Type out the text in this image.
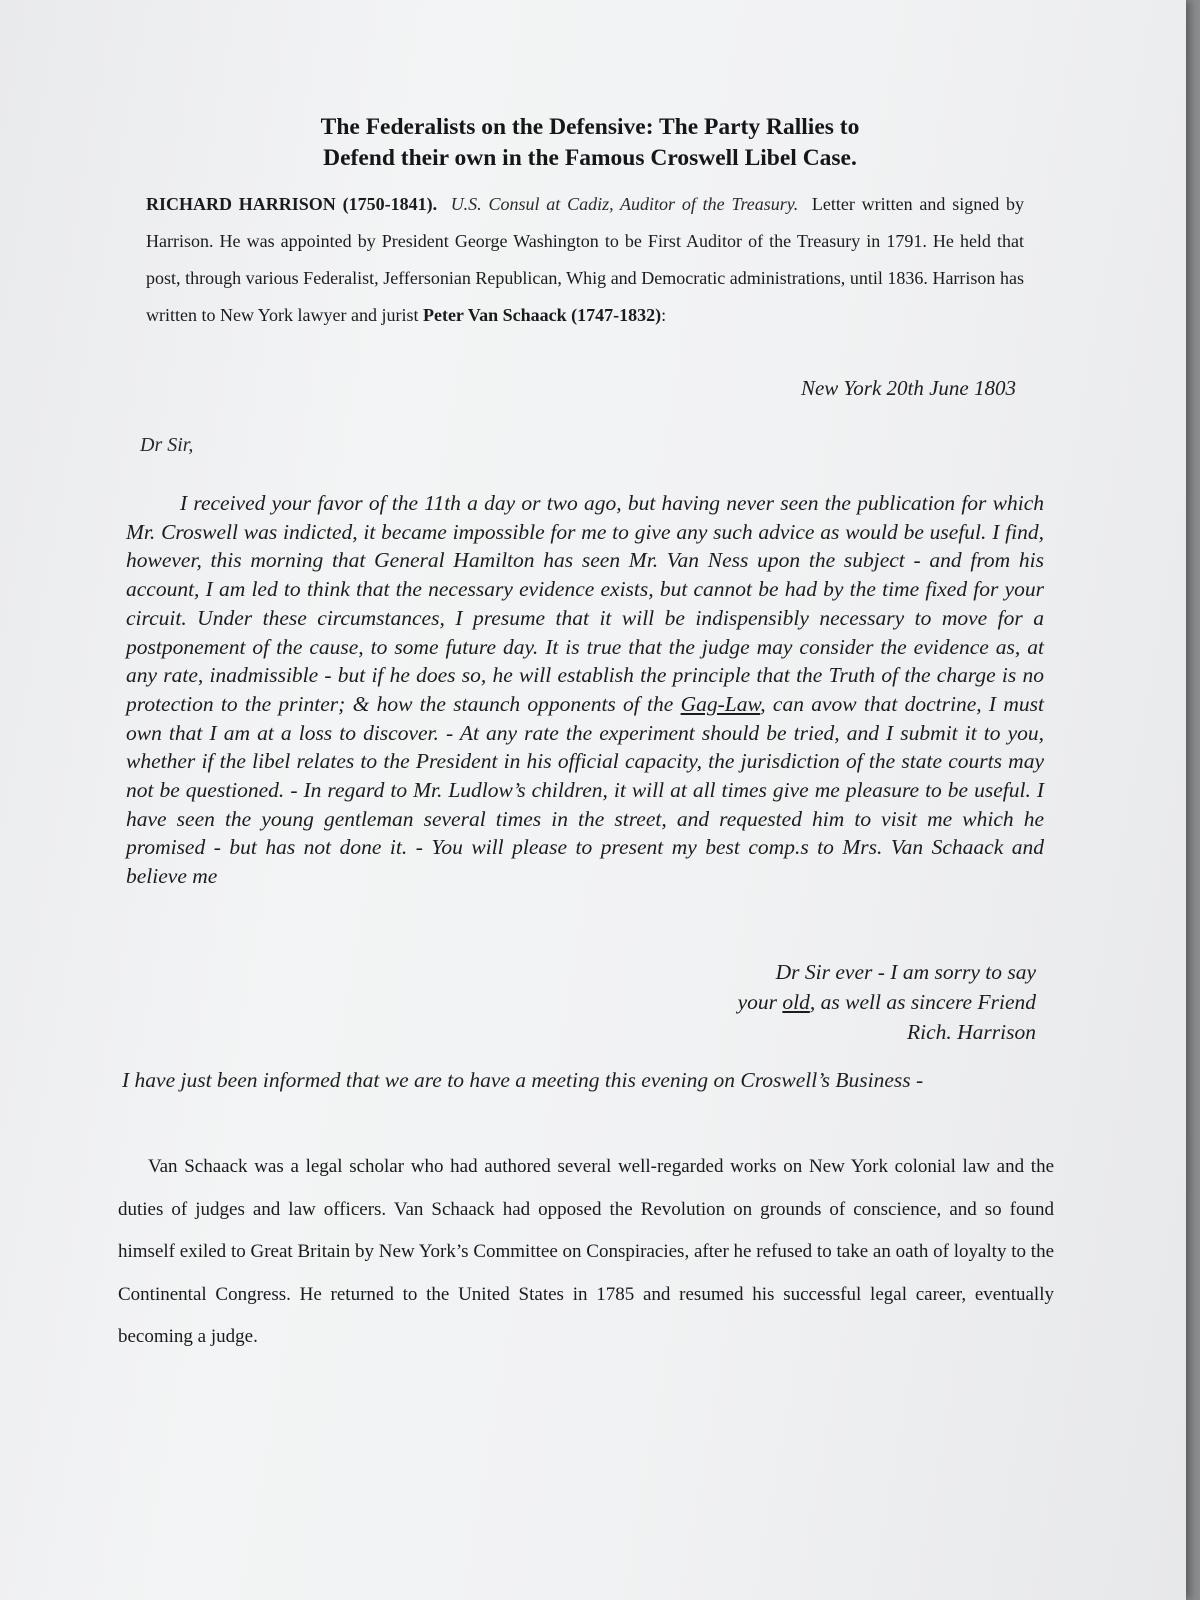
The Federalists on the Defensive: The Party Rallies to
Defend their own in the Famous Croswell Libel Case.
RICHARD HARRISON (1750-1841). U.S. Consul at Cadiz, Auditor of the Treasury. Letter written and signed by Harrison. He was appointed by President George Washington to be First Auditor of the Treasury in 1791. He held that post, through various Federalist, Jeffersonian Republican, Whig and Democratic administrations, until 1836. Harrison has written to New York lawyer and jurist Peter Van Schaack (1747-1832):
New York 20th June 1803
Dr Sir,
I received your favor of the 11th a day or two ago, but having never seen the publication for which Mr. Croswell was indicted, it became impossible for me to give any such advice as would be useful. I find, however, this morning that General Hamilton has seen Mr. Van Ness upon the subject - and from his account, I am led to think that the necessary evidence exists, but cannot be had by the time fixed for your circuit. Under these circumstances, I presume that it will be indispensibly necessary to move for a postponement of the cause, to some future day. It is true that the judge may consider the evidence as, at any rate, inadmissible - but if he does so, he will establish the principle that the Truth of the charge is no protection to the printer; & how the staunch opponents of the Gag-Law, can avow that doctrine, I must own that I am at a loss to discover. - At any rate the experiment should be tried, and I submit it to you, whether if the libel relates to the President in his official capacity, the jurisdiction of the state courts may not be questioned. - In regard to Mr. Ludlow’s children, it will at all times give me pleasure to be useful. I have seen the young gentleman several times in the street, and requested him to visit me which he promised - but has not done it. - You will please to present my best comp.s to Mrs. Van Schaack and believe me
Dr Sir ever - I am sorry to say
your old, as well as sincere Friend
Rich. Harrison
I have just been informed that we are to have a meeting this evening on Croswell’s Business -
Van Schaack was a legal scholar who had authored several well-regarded works on New York colonial law and the duties of judges and law officers. Van Schaack had opposed the Revolution on grounds of conscience, and so found himself exiled to Great Britain by New York’s Committee on Conspiracies, after he refused to take an oath of loyalty to the Continental Congress. He returned to the United States in 1785 and resumed his successful legal career, eventually becoming a judge.
